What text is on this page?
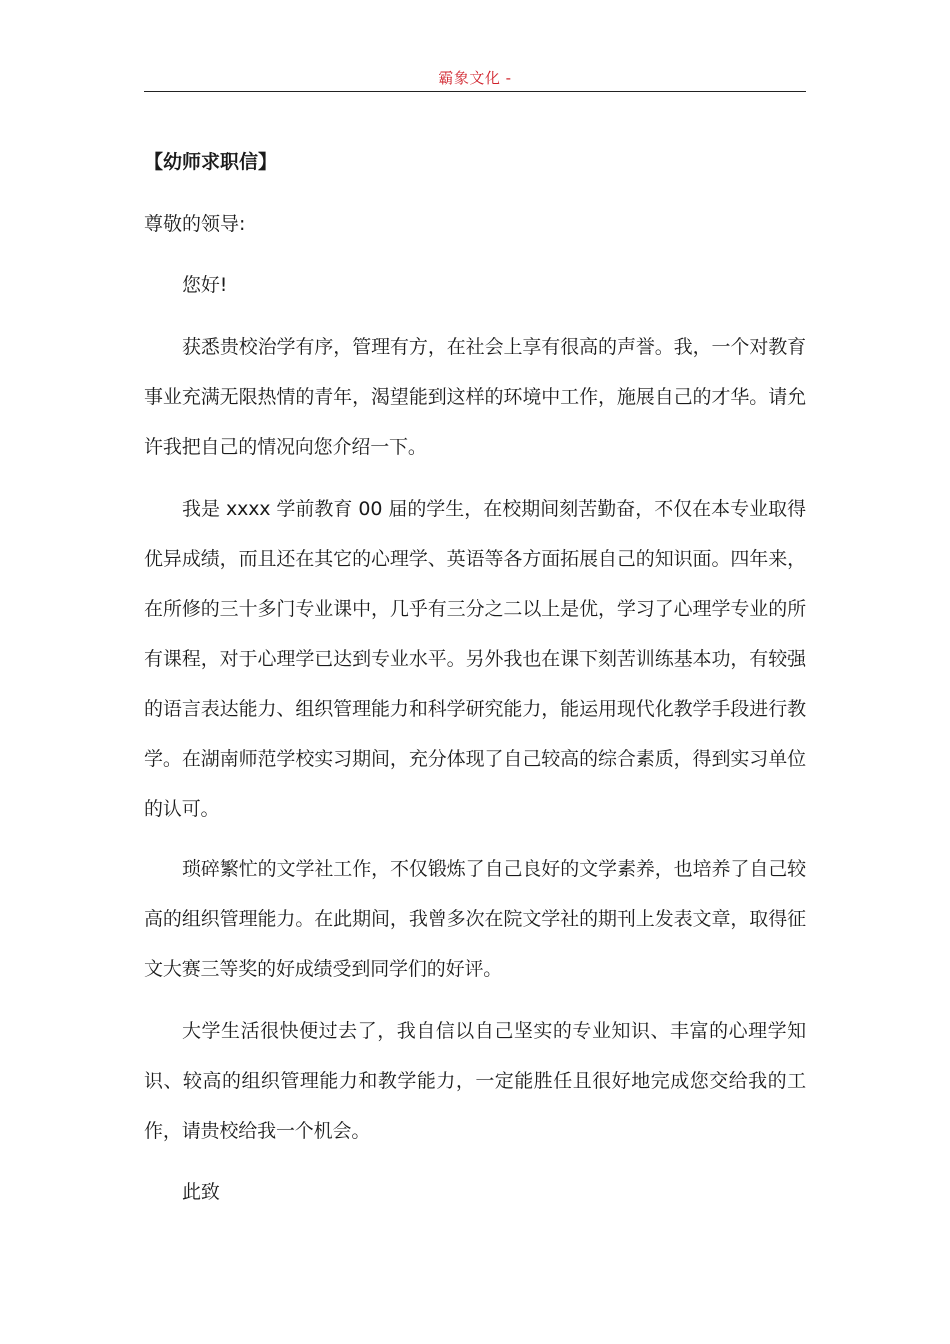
霸象文化 -

【幼师求职信】

尊敬的领导:

您好!

获悉贵校治学有序，管理有方，在社会上享有很高的声誉。我，一个对教育事业充满无限热情的青年，渴望能到这样的环境中工作，施展自己的才华。请允许我把自己的情况向您介绍一下。

我是 xxxx 学前教育 00 届的学生，在校期间刻苦勤奋，不仅在本专业取得优异成绩，而且还在其它的心理学、英语等各方面拓展自己的知识面。四年来，在所修的三十多门专业课中，几乎有三分之二以上是优，学习了心理学专业的所有课程，对于心理学已达到专业水平。另外我也在课下刻苦训练基本功，有较强的语言表达能力、组织管理能力和科学研究能力，能运用现代化教学手段进行教学。在湖南师范学校实习期间，充分体现了自己较高的综合素质，得到实习单位的认可。

琐碎繁忙的文学社工作，不仅锻炼了自己良好的文学素养，也培养了自己较高的组织管理能力。在此期间，我曾多次在院文学社的期刊上发表文章，取得征文大赛三等奖的好成绩受到同学们的好评。

大学生活很快便过去了，我自信以自己坚实的专业知识、丰富的心理学知识、较高的组织管理能力和教学能力，一定能胜任且很好地完成您交给我的工作，请贵校给我一个机会。

此致
